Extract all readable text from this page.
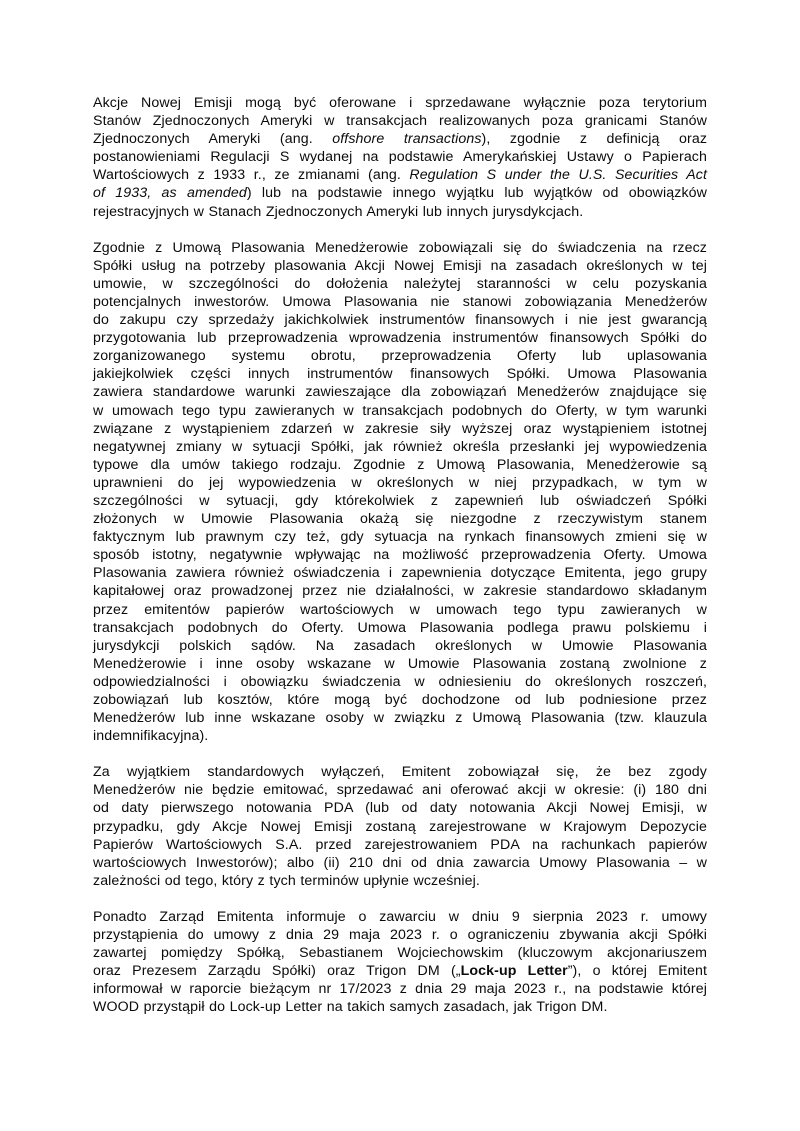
Akcje Nowej Emisji mogą być oferowane i sprzedawane wyłącznie poza terytorium
Stanów Zjednoczonych Ameryki w transakcjach realizowanych poza granicami Stanów
Zjednoczonych Ameryki (ang. offshore transactions), zgodnie z definicją oraz
postanowieniami Regulacji S wydanej na podstawie Amerykańskiej Ustawy o Papierach
Wartościowych z 1933 r., ze zmianami (ang. Regulation S under the U.S. Securities Act
of 1933, as amended) lub na podstawie innego wyjątku lub wyjątków od obowiązków
rejestracyjnych w Stanach Zjednoczonych Ameryki lub innych jurysdykcjach.
Zgodnie z Umową Plasowania Menedżerowie zobowiązali się do świadczenia na rzecz
Spółki usług na potrzeby plasowania Akcji Nowej Emisji na zasadach określonych w tej
umowie, w szczególności do dołożenia należytej staranności w celu pozyskania
potencjalnych inwestorów. Umowa Plasowania nie stanowi zobowiązania Menedżerów
do zakupu czy sprzedaży jakichkolwiek instrumentów finansowych i nie jest gwarancją
przygotowania lub przeprowadzenia wprowadzenia instrumentów finansowych Spółki do
zorganizowanego systemu obrotu, przeprowadzenia Oferty lub uplasowania
jakiejkolwiek części innych instrumentów finansowych Spółki. Umowa Plasowania
zawiera standardowe warunki zawieszające dla zobowiązań Menedżerów znajdujące się
w umowach tego typu zawieranych w transakcjach podobnych do Oferty, w tym warunki
związane z wystąpieniem zdarzeń w zakresie siły wyższej oraz wystąpieniem istotnej
negatywnej zmiany w sytuacji Spółki, jak również określa przesłanki jej wypowiedzenia
typowe dla umów takiego rodzaju. Zgodnie z Umową Plasowania, Menedżerowie są
uprawnieni do jej wypowiedzenia w określonych w niej przypadkach, w tym w
szczególności w sytuacji, gdy którekolwiek z zapewnień lub oświadczeń Spółki
złożonych w Umowie Plasowania okażą się niezgodne z rzeczywistym stanem
faktycznym lub prawnym czy też, gdy sytuacja na rynkach finansowych zmieni się w
sposób istotny, negatywnie wpływając na możliwość przeprowadzenia Oferty. Umowa
Plasowania zawiera również oświadczenia i zapewnienia dotyczące Emitenta, jego grupy
kapitałowej oraz prowadzonej przez nie działalności, w zakresie standardowo składanym
przez emitentów papierów wartościowych w umowach tego typu zawieranych w
transakcjach podobnych do Oferty. Umowa Plasowania podlega prawu polskiemu i
jurysdykcji polskich sądów. Na zasadach określonych w Umowie Plasowania
Menedżerowie i inne osoby wskazane w Umowie Plasowania zostaną zwolnione z
odpowiedzialności i obowiązku świadczenia w odniesieniu do określonych roszczeń,
zobowiązań lub kosztów, które mogą być dochodzone od lub podniesione przez
Menedżerów lub inne wskazane osoby w związku z Umową Plasowania (tzw. klauzula
indemnifikacyjna).
Za wyjątkiem standardowych wyłączeń, Emitent zobowiązał się, że bez zgody
Menedżerów nie będzie emitować, sprzedawać ani oferować akcji w okresie: (i) 180 dni
od daty pierwszego notowania PDA (lub od daty notowania Akcji Nowej Emisji, w
przypadku, gdy Akcje Nowej Emisji zostaną zarejestrowane w Krajowym Depozycie
Papierów Wartościowych S.A. przed zarejestrowaniem PDA na rachunkach papierów
wartościowych Inwestorów); albo (ii) 210 dni od dnia zawarcia Umowy Plasowania – w
zależności od tego, który z tych terminów upłynie wcześniej.
Ponadto Zarząd Emitenta informuje o zawarciu w dniu 9 sierpnia 2023 r. umowy
przystąpienia do umowy z dnia 29 maja 2023 r. o ograniczeniu zbywania akcji Spółki
zawartej pomiędzy Spółką, Sebastianem Wojciechowskim (kluczowym akcjonariuszem
oraz Prezesem Zarządu Spółki) oraz Trigon DM („Lock-up Letter”), o której Emitent
informował w raporcie bieżącym nr 17/2023 z dnia 29 maja 2023 r., na podstawie której
WOOD przystąpił do Lock-up Letter na takich samych zasadach, jak Trigon DM.
